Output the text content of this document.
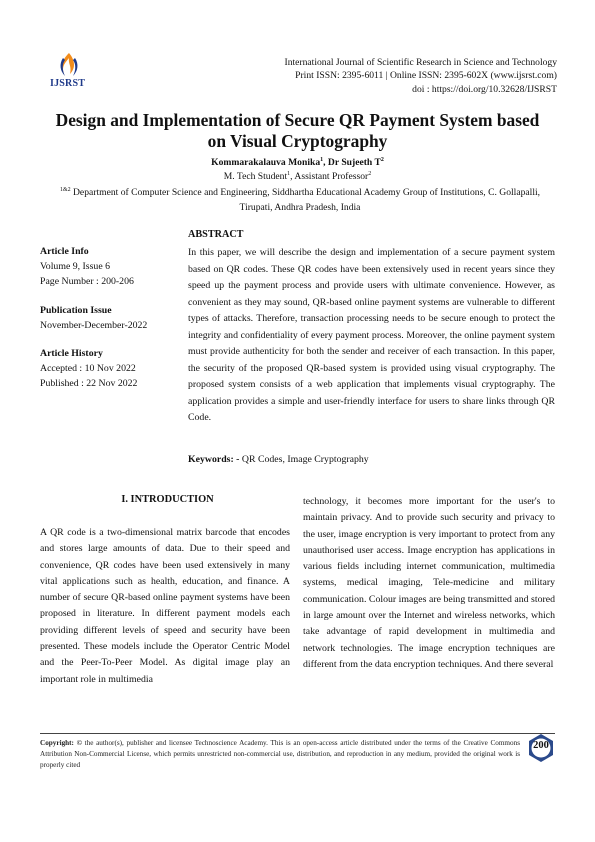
IJSRST
International Journal of Scientific Research in Science and Technology
Print ISSN: 2395-6011 | Online ISSN: 2395-602X (www.ijsrst.com)
doi : https://doi.org/10.32628/IJSRST
Design and Implementation of Secure QR Payment System based
on Visual Cryptography
Kommarakalauva Monika$^1$, Dr Sujeeth $T^2$
M. Tech Student$^1$, Assistant Professor$^2$
$^{1\&2}$ Department of Computer Science and Engineering, Siddhartha Educational Academy Group of Institutions, C. Gollapalli,
Tirupati, Andhra Pradesh, India
Article Info
Volume 9, Issue 6
Page Number : 200-206
Publication Issue
November-December-2022
Article History
Accepted : 10 Nov 2022
Published : 22 Nov 2022
ABSTRACT
In this paper, we will describe the design and implementation of a secure payment system based on QR codes. These QR codes have been extensively used in recent years since they speed up the payment process and provide users with ultimate convenience. However, as convenient as they may sound, QR-based online payment systems are vulnerable to different types of attacks. Therefore, transaction processing needs to be secure enough to protect the integrity and confidentiality of every payment process. Moreover, the online payment system must provide authenticity for both the sender and receiver of each transaction. In this paper, the security of the proposed QR-based system is provided using visual cryptography. The proposed system consists of a web application that implements visual cryptography. The application provides a simple and user-friendly interface for users to share links through QR Code.
Keywords: - QR Codes, Image Cryptography
I. INTRODUCTION
A QR code is a two-dimensional matrix barcode that encodes and stores large amounts of data. Due to their speed and convenience, QR codes have been used extensively in many vital applications such as health, education, and finance. A number of secure QR-based online payment systems have been proposed in literature. In different payment models each providing different levels of speed and security have been presented. These models include the Operator Centric Model and the Peer-To-Peer Model. As digital image play an important role in multimedia
technology, it becomes more important for the user's to maintain privacy. And to provide such security and privacy to the user, image encryption is very important to protect from any unauthorised user access. Image encryption has applications in various fields including internet communication, multimedia systems, medical imaging, Tele-medicine and military communication. Colour images are being transmitted and stored in large amount over the Internet and wireless networks, which take advantage of rapid development in multimedia and network technologies. The image encryption techniques are different from the data encryption techniques. And there several
Copyright: © the author(s), publisher and licensee Technoscience Academy. This is an open-access article distributed under the terms of the Creative Commons Attribution Non-Commercial License, which permits unrestricted non-commercial use, distribution, and reproduction in any medium, provided the original work is properly cited
200
